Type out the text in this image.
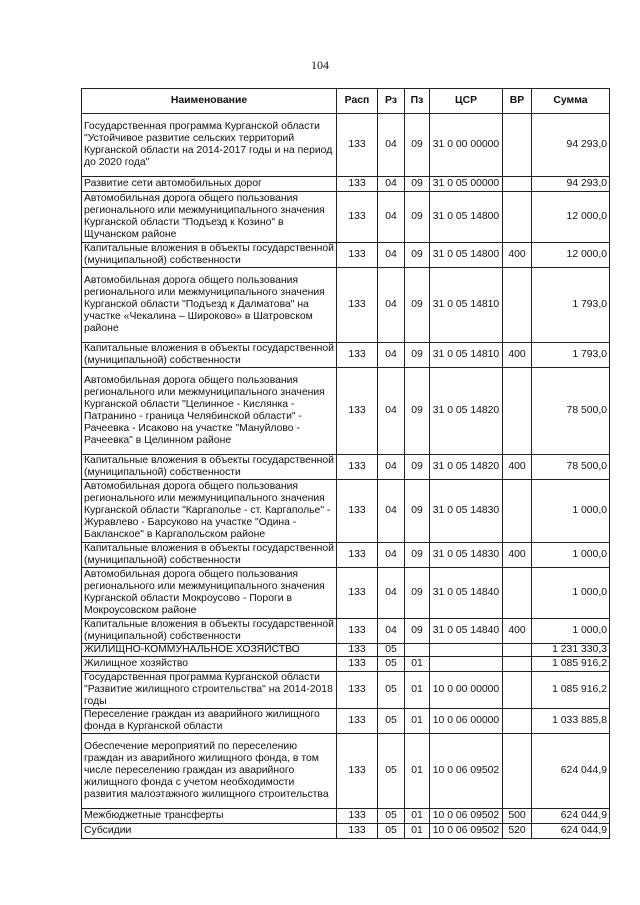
104
Наименование	Расп	Рз	Пз	ЦСР	ВР	Сумма
Государственная программа Курганской области "Устойчивое развитие сельских территорий Курганской области на 2014-2017 годы и на период до 2020 года"	133	04	09	31 0 00 00000		94 293,0
Развитие сети автомобильных дорог	133	04	09	31 0 05 00000		94 293,0
Автомобильная дорога общего пользования регионального или межмуниципального значения Курганской области "Подъезд к Козино" в Щучанском районе	133	04	09	31 0 05 14800		12 000,0
Капитальные вложения в объекты государственной (муниципальной) собственности	133	04	09	31 0 05 14800	400	12 000,0
Автомобильная дорога общего пользования регионального или межмуниципального значения Курганской области "Подъезд к Далматова" на участке «Чекалина – Широково» в Шатровском районе	133	04	09	31 0 05 14810		1 793,0
Капитальные вложения в объекты государственной (муниципальной) собственности	133	04	09	31 0 05 14810	400	1 793,0
Автомобильная дорога общего пользования регионального или межмуниципального значения Курганской области "Целинное - Кислянка - Патранино - граница Челябинской области" - Рачеевка - Исаково на участке "Мануйлово - Рачеевка" в Целинном районе	133	04	09	31 0 05 14820		78 500,0
Капитальные вложения в объекты государственной (муниципальной) собственности	133	04	09	31 0 05 14820	400	78 500,0
Автомобильная дорога общего пользования регионального или межмуниципального значения Курганской области "Каргаполье - ст. Каргаполье" - Журавлево - Барсуково на участке "Одина - Бакланское" в Каргапольском районе	133	04	09	31 0 05 14830		1 000,0
Капитальные вложения в объекты государственной (муниципальной) собственности	133	04	09	31 0 05 14830	400	1 000,0
Автомобильная дорога общего пользования регионального или межмуниципального значения Курганской области Мокроусово - Пороги в Мокроусовском районе	133	04	09	31 0 05 14840		1 000,0
Капитальные вложения в объекты государственной (муниципальной) собственности	133	04	09	31 0 05 14840	400	1 000,0
ЖИЛИЩНО-КОММУНАЛЬНОЕ ХОЗЯЙСТВО	133	05				1 231 330,3
Жилищное хозяйство	133	05	01			1 085 916,2
Государственная программа Курганской области "Развитие жилищного строительства" на 2014-2018 годы	133	05	01	10 0 00 00000		1 085 916,2
Переселение граждан из аварийного жилищного фонда в Курганской области	133	05	01	10 0 06 00000		1 033 885,8
Обеспечение мероприятий по переселению граждан из аварийного жилищного фонда, в том числе переселению граждан из аварийного жилищного фонда с учетом необходимости развития малоэтажного жилищного строительства	133	05	01	10 0 06 09502		624 044,9
Межбюджетные трансферты	133	05	01	10 0 06 09502	500	624 044,9
Субсидии	133	05	01	10 0 06 09502	520	624 044,9
